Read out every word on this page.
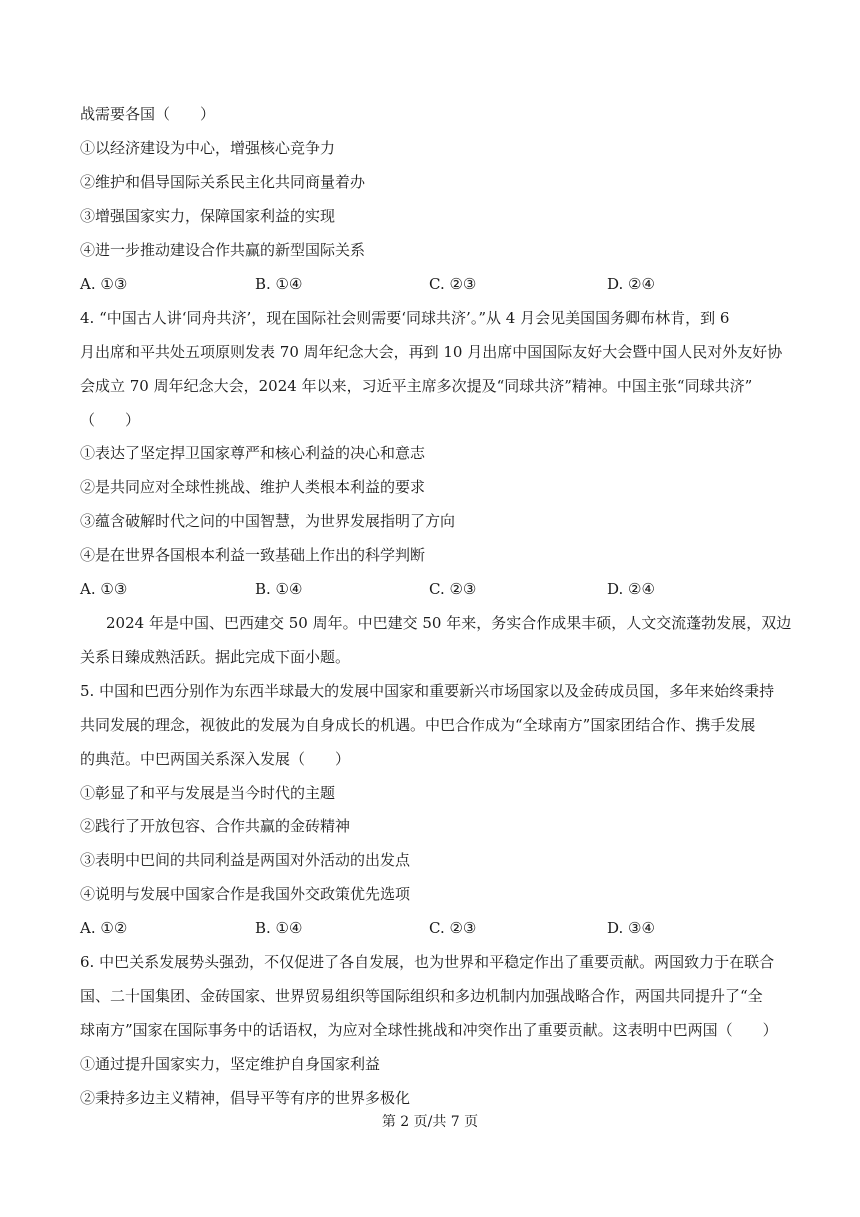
战需要各国（　　）
①以经济建设为中心，增强核心竞争力
②维护和倡导国际关系民主化共同商量着办
③增强国家实力，保障国家利益的实现
④进一步推动建设合作共赢的新型国际关系
A. ①③	B. ①④	C. ②③	D. ②④
4. “中国古人讲‘同舟共济’，现在国际社会则需要‘同球共济’。”从 4 月会见美国国务卿布林肯，到 6
月出席和平共处五项原则发表 70 周年纪念大会，再到 10 月出席中国国际友好大会暨中国人民对外友好协
会成立 70 周年纪念大会，2024 年以来，习近平主席多次提及“同球共济”精神。中国主张“同球共济”
（　　）
①表达了坚定捍卫国家尊严和核心利益的决心和意志
②是共同应对全球性挑战、维护人类根本利益的要求
③蕴含破解时代之问的中国智慧，为世界发展指明了方向
④是在世界各国根本利益一致基础上作出的科学判断
A. ①③	B. ①④	C. ②③	D. ②④
2024 年是中国、巴西建交 50 周年。中巴建交 50 年来，务实合作成果丰硕，人文交流蓬勃发展，双边
关系日臻成熟活跃。据此完成下面小题。
5. 中国和巴西分别作为东西半球最大的发展中国家和重要新兴市场国家以及金砖成员国，多年来始终秉持
共同发展的理念，视彼此的发展为自身成长的机遇。中巴合作成为“全球南方”国家团结合作、携手发展
的典范。中巴两国关系深入发展（　　）
①彰显了和平与发展是当今时代的主题
②践行了开放包容、合作共赢的金砖精神
③表明中巴间的共同利益是两国对外活动的出发点
④说明与发展中国家合作是我国外交政策优先选项
A. ①②	B. ①④	C. ②③	D. ③④
6. 中巴关系发展势头强劲，不仅促进了各自发展，也为世界和平稳定作出了重要贡献。两国致力于在联合
国、二十国集团、金砖国家、世界贸易组织等国际组织和多边机制内加强战略合作，两国共同提升了“全
球南方”国家在国际事务中的话语权，为应对全球性挑战和冲突作出了重要贡献。这表明中巴两国（　　）
①通过提升国家实力，坚定维护自身国家利益
②秉持多边主义精神，倡导平等有序的世界多极化
第 2 页/共 7 页
